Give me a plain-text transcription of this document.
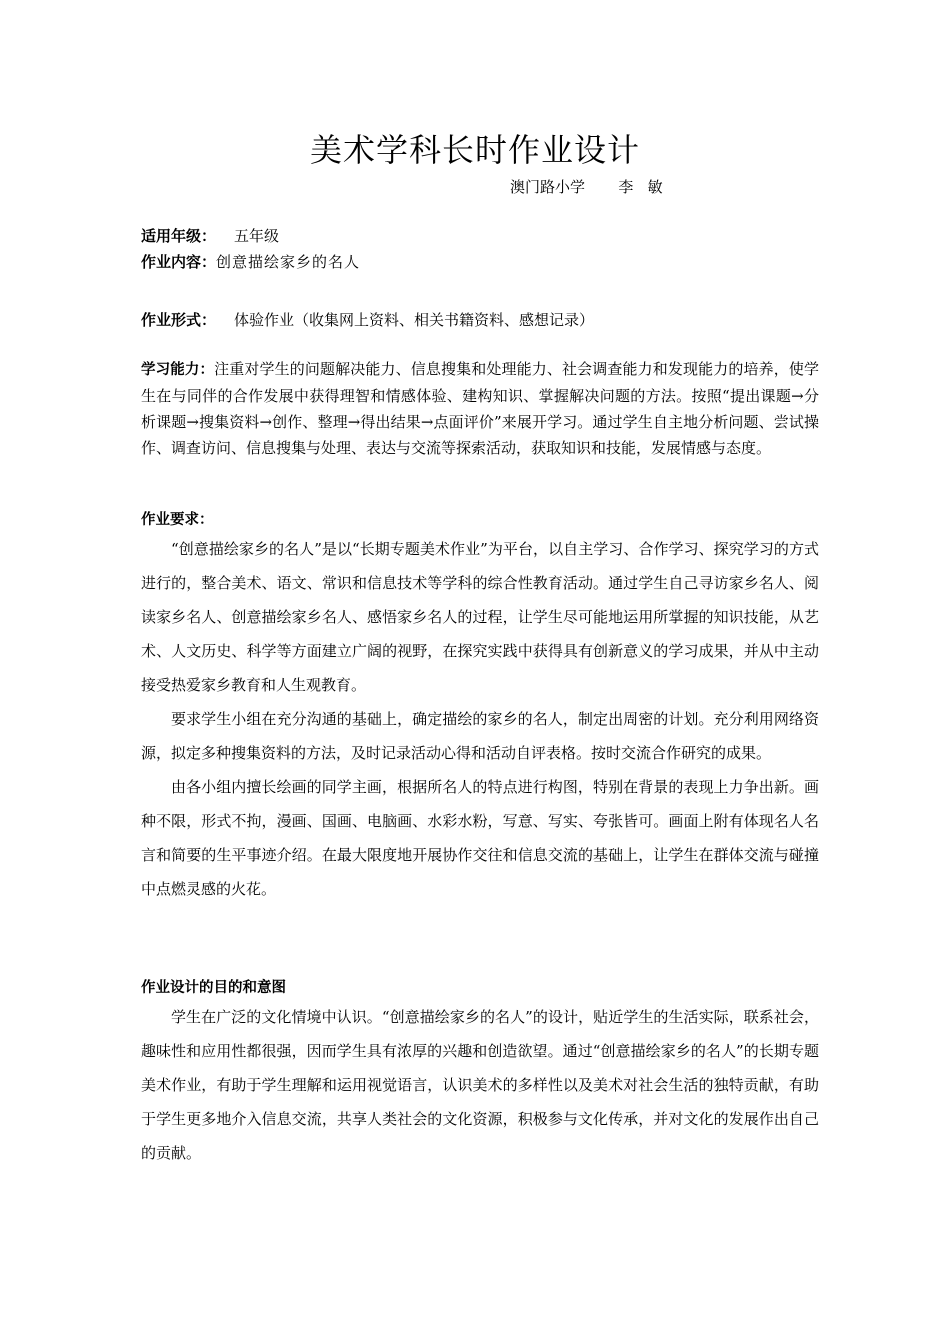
美术学科长时作业设计
澳门路小学       李   敏
适用年级： 五年级
作业内容：创意描绘家乡的名人
作业形式： 体验作业（收集网上资料、相关书籍资料、感想记录）
学习能力：注重对学生的问题解决能力、信息搜集和处理能力、社会调查能力和发现能力的培养，使学生在与同伴的合作发展中获得理智和情感体验、建构知识、掌握解决问题的方法。按照“提出课题→分析课题→搜集资料→创作、整理→得出结果→点面评价”来展开学习。通过学生自主地分析问题、尝试操作、调查访问、信息搜集与处理、表达与交流等探索活动，获取知识和技能，发展情感与态度。
作业要求：

“创意描绘家乡的名人”是以“长期专题美术作业”为平台，以自主学习、合作学习、探究学习的方式进行的，整合美术、语文、常识和信息技术等学科的综合性教育活动。通过学生自己寻访家乡名人、阅读家乡名人、创意描绘家乡名人、感悟家乡名人的过程，让学生尽可能地运用所掌握的知识技能，从艺术、人文历史、科学等方面建立广阔的视野，在探究实践中获得具有创新意义的学习成果，并从中主动接受热爱家乡教育和人生观教育。

要求学生小组在充分沟通的基础上，确定描绘的家乡的名人，制定出周密的计划。充分利用网络资源，拟定多种搜集资料的方法，及时记录活动心得和活动自评表格。按时交流合作研究的成果。

由各小组内擅长绘画的同学主画，根据所名人的特点进行构图，特别在背景的表现上力争出新。画种不限，形式不拘，漫画、国画、电脑画、水彩水粉，写意、写实、夸张皆可。画面上附有体现名人名言和简要的生平事迹介绍。在最大限度地开展协作交往和信息交流的基础上，让学生在群体交流与碰撞中点燃灵感的火花。

作业设计的目的和意图

学生在广泛的文化情境中认识。“创意描绘家乡的名人”的设计，贴近学生的生活实际，联系社会，趣味性和应用性都很强，因而学生具有浓厚的兴趣和创造欲望。通过“创意描绘家乡的名人”的长期专题美术作业，有助于学生理解和运用视觉语言，认识美术的多样性以及美术对社会生活的独特贡献，有助于学生更多地介入信息交流，共享人类社会的文化资源，积极参与文化传承，并对文化的发展作出自己的贡献。
